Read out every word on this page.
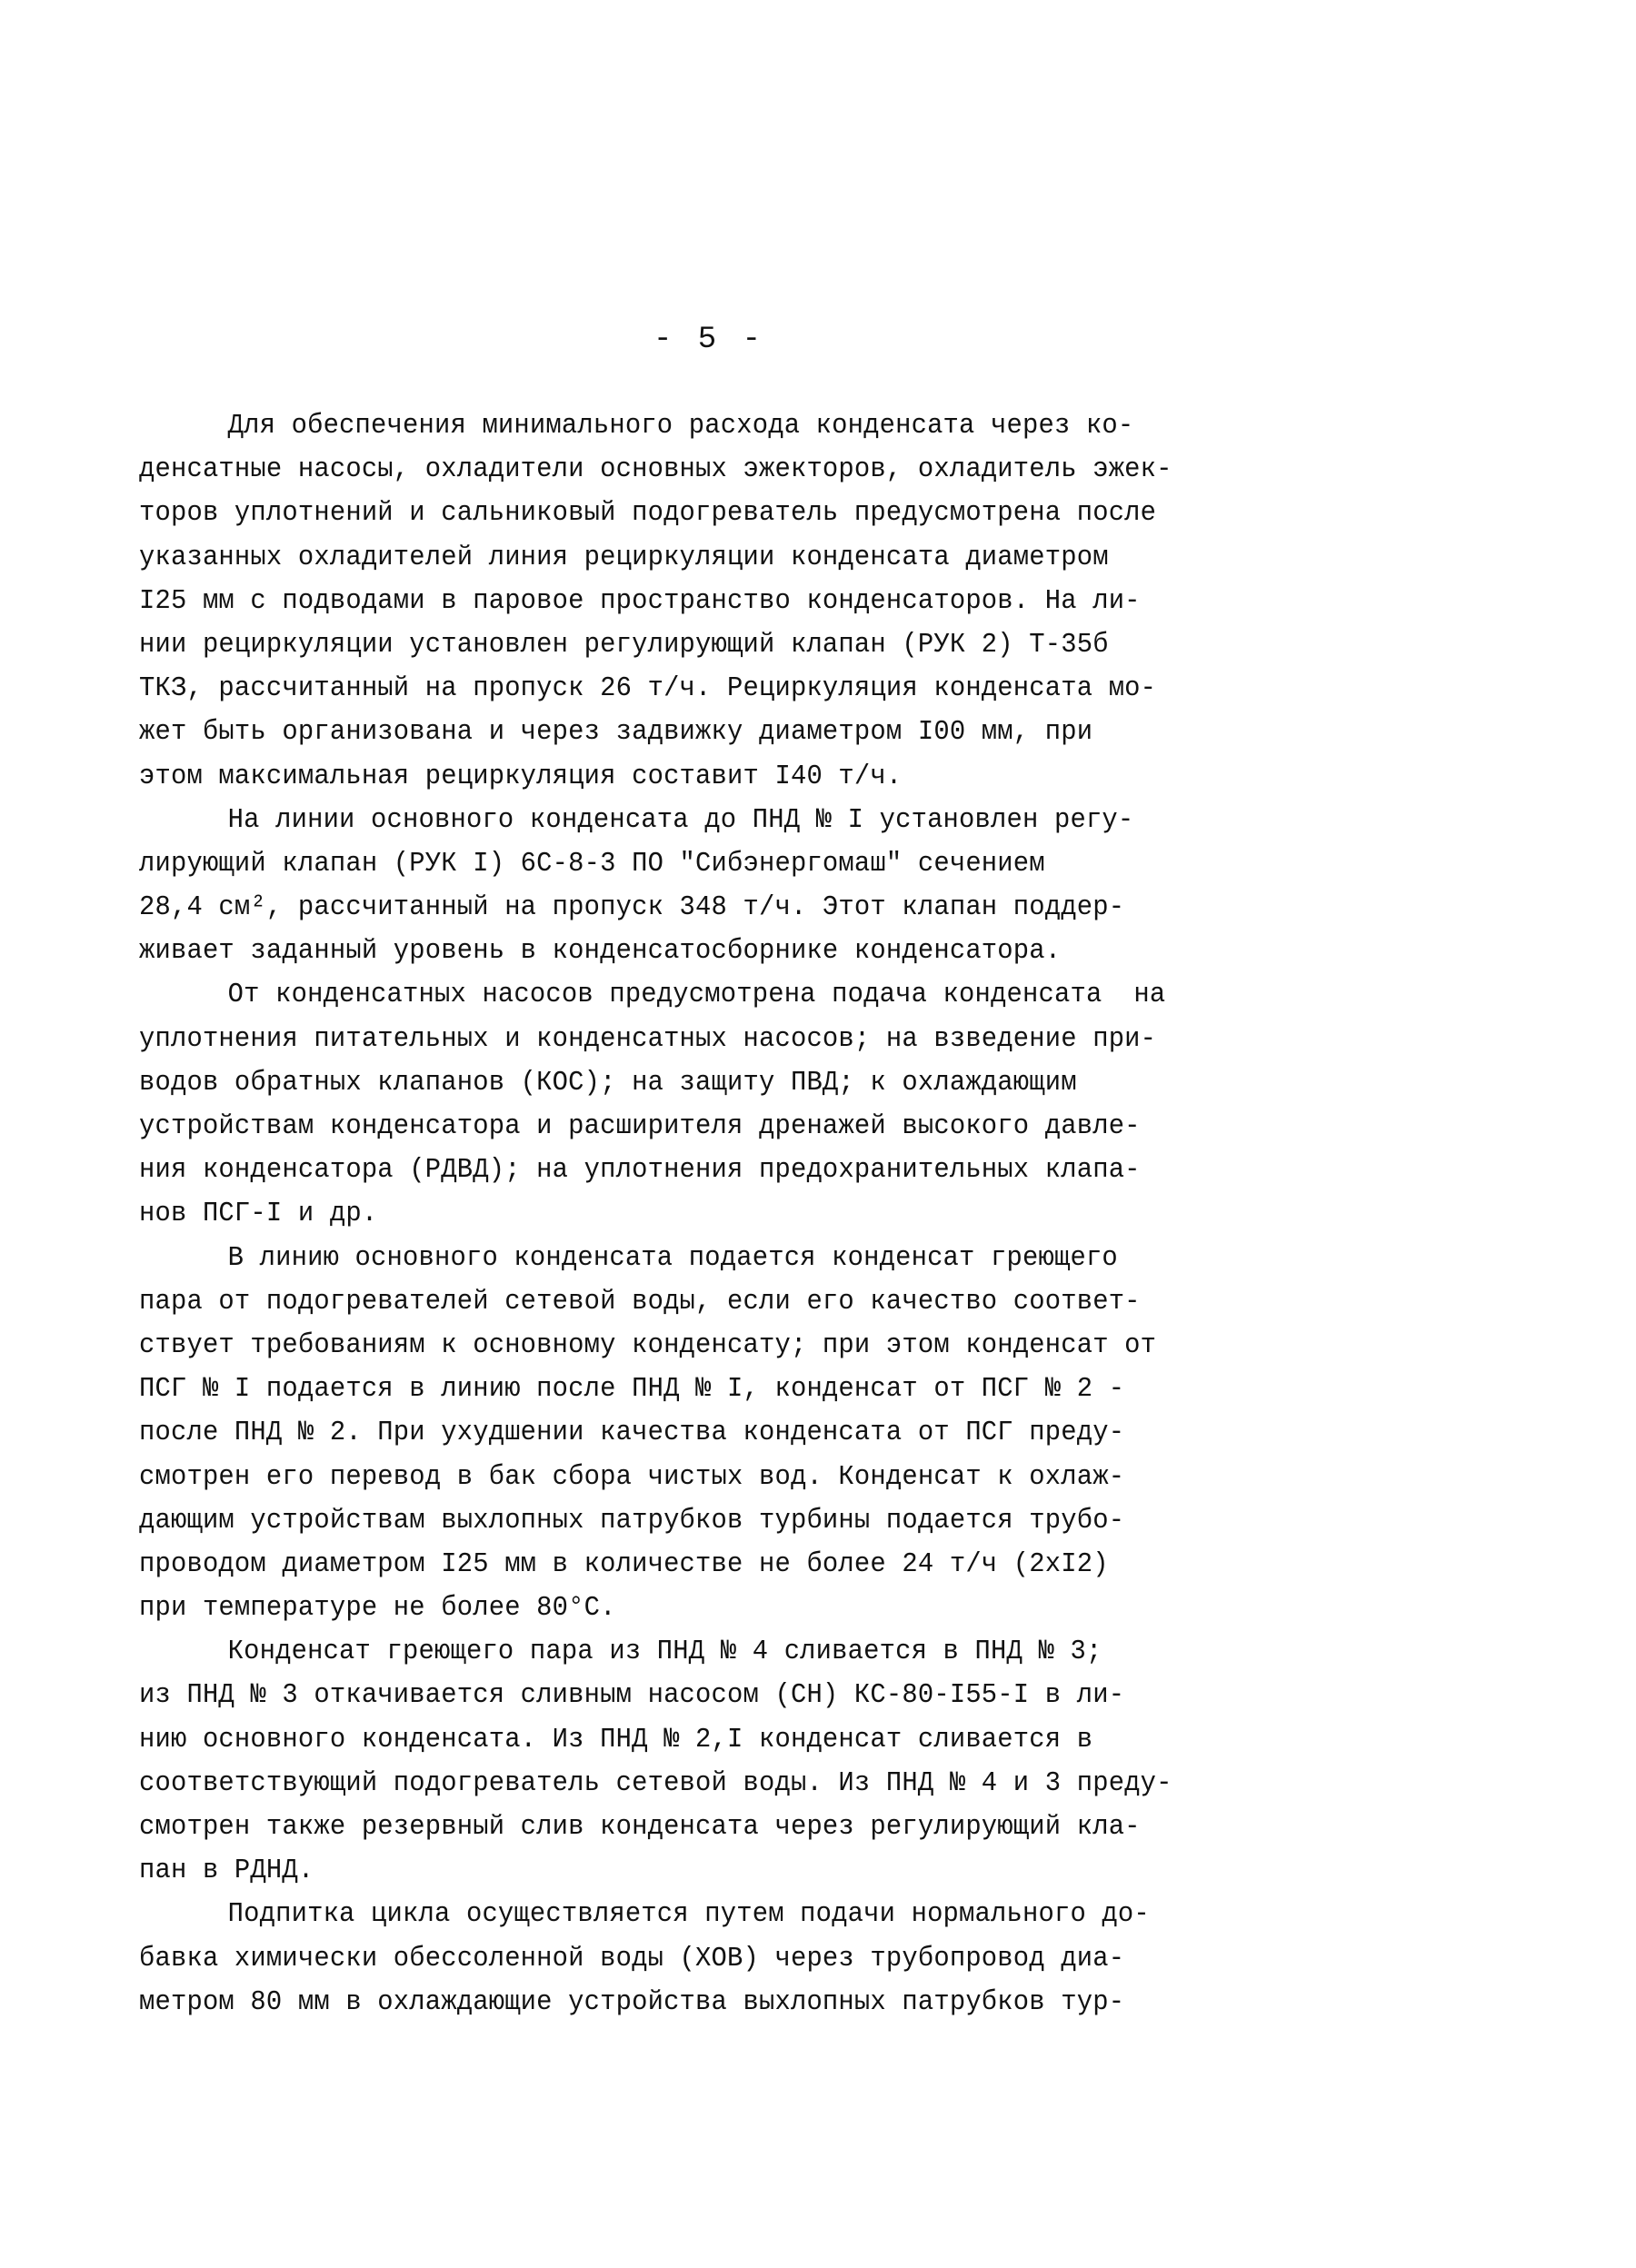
- 5 -
Для обеспечения минимального расхода конденсата через ко-
денсатные насосы, охладители основных эжекторов, охладитель эжек-
торов уплотнений и сальниковый подогреватель предусмотрена после
указанных охладителей линия рециркуляции конденсата диаметром
I25 мм с подводами в паровое пространство конденсаторов. На ли-
нии рециркуляции установлен регулирующий клапан (РУК 2) Т-35б
ТКЗ, рассчитанный на пропуск 26 т/ч. Рециркуляция конденсата мо-
жет быть организована и через задвижку диаметром I00 мм, при
этом максимальная рециркуляция составит I40 т/ч.
На линии основного конденсата до ПНД № I установлен регу-
лирующий клапан (РУК I) 6С-8-3 ПО "Сибэнергомаш" сечением
28,4 см², рассчитанный на пропуск 348 т/ч. Этот клапан поддер-
живает заданный уровень в конденсатосборнике конденсатора.
От конденсатных насосов предусмотрена подача конденсата  на
уплотнения питательных и конденсатных насосов; на взведение при-
водов обратных клапанов (КОС); на защиту ПВД; к охлаждающим
устройствам конденсатора и расширителя дренажей высокого давле-
ния конденсатора (РДВД); на уплотнения предохранительных клапа-
нов ПСГ-I и др.
В линию основного конденсата подается конденсат греющего
пара от подогревателей сетевой воды, если его качество соответ-
ствует требованиям к основному конденсату; при этом конденсат от
ПСГ № I подается в линию после ПНД № I, конденсат от ПСГ № 2 -
после ПНД № 2. При ухудшении качества конденсата от ПСГ преду-
смотрен его перевод в бак сбора чистых вод. Конденсат к охлаж-
дающим устройствам выхлопных патрубков турбины подается трубо-
проводом диаметром I25 мм в количестве не более 24 т/ч (2хI2)
при температуре не более 80°С.
Конденсат греющего пара из ПНД № 4 сливается в ПНД № 3;
из ПНД № 3 откачивается сливным насосом (СН) КС-80-I55-I в ли-
нию основного конденсата. Из ПНД № 2,I конденсат сливается в
соответствующий подогреватель сетевой воды. Из ПНД № 4 и 3 преду-
смотрен также резервный слив конденсата через регулирующий кла-
пан в РДНД.
Подпитка цикла осуществляется путем подачи нормального до-
бавка химически обессоленной воды (ХОВ) через трубопровод диа-
метром 80 мм в охлаждающие устройства выхлопных патрубков тур-
